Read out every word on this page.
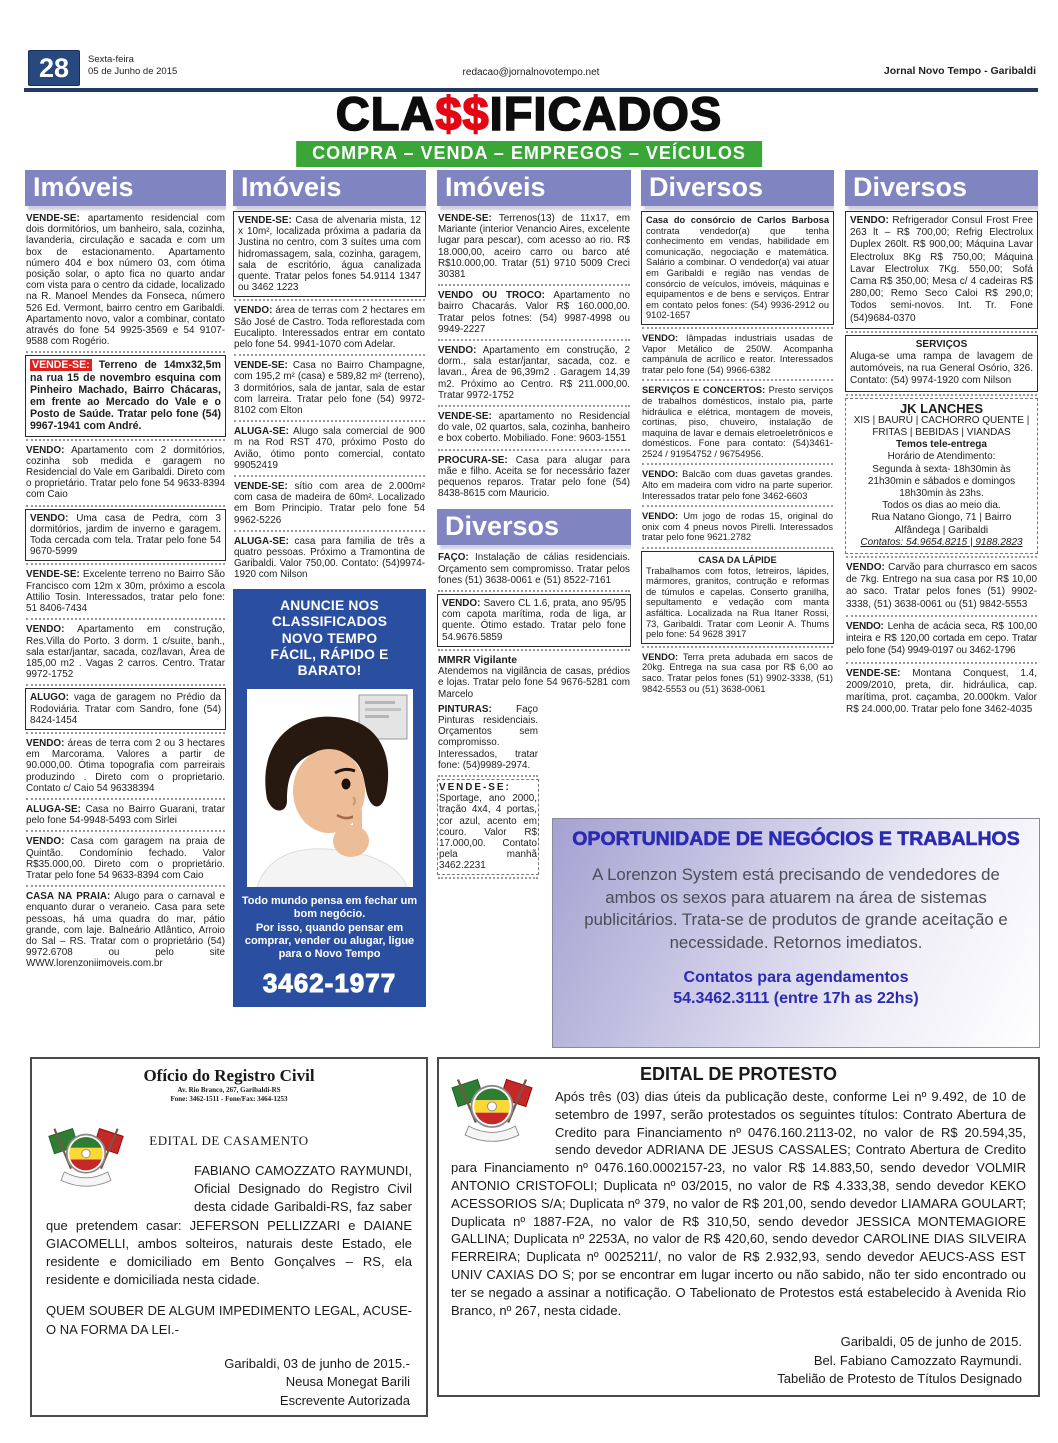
28	Sexta-feira
05 de Junho de 2015	redacao@jornalnovotempo.net	Jornal Novo Tempo - Garibaldi
CLA$$IFICADOS
COMPRA – VENDA – EMPREGOS – VEÍCULOS
Imóveis
VENDE-SE: apartamento residencial com dois dormitórios, um banheiro, sala, cozinha, lavanderia, circulação e sacada e com um box de estacionamento. Apartamento número 404 e box número 03, com ótima posição solar, o apto fica no quarto andar com vista para o centro da cidade, localizado na R. Manoel Mendes da Fonseca, número 526 Ed. Vermont, bairro centro em Garibaldi. Apartamento novo, valor a combinar, contato através do fone 54 9925-3569 e 54 9107-9588 com Rogério.
VENDE-SE: Terreno de 14mx32,5m na rua 15 de novembro esquina com Pinheiro Machado, Bairro Chácaras, em frente ao Mercado do Vale e o Posto de Saúde. Tratar pelo fone (54) 9967-1941 com André.
VENDO: Apartamento com 2 dormitórios, cozinha sob medida e garagem no Residencial do Vale em Garibaldi. Direto com o proprietário. Tratar pelo fone 54 9633-8394 com Caio
VENDO: Uma casa de Pedra, com 3 dormitórios, jardim de inverno e garagem. Toda cercada com tela. Tratar pelo fone 54 9670-5999
VENDE-SE: Excelente terreno no Bairro São Francisco com 12m x 30m, próximo a escola Attilio Tosin. Interessados, tratar pelo fone: 51 8406-7434
VENDO: Apartamento em construção, Res.Villa do Porto. 3 dorm. 1 c/suite, banh., sala estar/jantar, sacada, coz/lavan, Área de 185,00 m2 . Vagas 2 carros. Centro. Tratar 9972-1752
ALUGO: vaga de garagem no Prédio da Rodoviária. Tratar com Sandro, fone (54) 8424-1454
VENDO: áreas de terra com 2 ou 3 hectares em Marcorama. Valores a partir de 90.000,00. Ótima topografia com parreirais produzindo . Direto com o proprietario. Contato c/ Caio 54 96338394
ALUGA-SE: Casa no Bairro Guarani, tratar pelo fone 54-9948-5493 com Sirlei
VENDO: Casa com garagem na praia de Quintão. Condomínio fechado. Valor R$35.000,00. Direto com o proprietário. Tratar pelo fone 54 9633-8394 com Caio
CASA NA PRAIA: Alugo para o carnaval e enquanto durar o veraneio. Casa para sete pessoas, há uma quadra do mar, pátio grande, com laje. Balneário Atlântico, Arroio do Sal – RS. Tratar com o proprietário (54) 9972.6708 ou pelo site WWW.lorenzoniimoveis.com.br
Imóveis
VENDE-SE: Casa de alvenaria mista, 12 x 10m², localizada próxima a padaria da Justina no centro, com 3 suítes uma com hidromassagem, sala, cozinha, garagem, sala de escritório, água canalizada quente. Tratar pelos fones 54.9114 1347 ou 3462 1223
VENDO: área de terras com 2 hectares em São José de Castro. Toda reflorestada com Eucalipto. Interessados entrar em contato pelo fone 54. 9941-1070 com Adelar.
VENDE-SE: Casa no Bairro Champagne, com 195,2 m² (casa) e 589,82 m² (terreno), 3 dormitórios, sala de jantar, sala de estar com larreira. Tratar pelo fone (54) 9972-8102 com Elton
ALUGA-SE: Alugo sala comercial de 900 m na Rod RST 470, próximo Posto do Avião, ótimo ponto comercial, contato 99052419
VENDE-SE: sítio com area de 2.000m² com casa de madeira de 60m². Localizado em Bom Principio. Tratar pelo fone 54 9962-5226
ALUGA-SE: casa para familia de três a quatro pessoas. Próximo a Tramontina de Garibaldi. Valor 750,00. Contato: (54)9974-1920 com Nilson
ANUNCIE NOS
CLASSIFICADOS
NOVO TEMPO
FÁCIL, RÁPIDO E BARATO!
Todo mundo pensa em fechar um bom negócio.
Por isso, quando pensar em comprar, vender ou alugar, ligue para o Novo Tempo
3462-1977
Imóveis
VENDE-SE: Terrenos(13) de 11x17, em Mariante (interior Venancio Aires, excelente lugar para pescar), com acesso ao rio. R$ 18.000,00, aceiro carro ou barco até R$10.000,00. Tratar (51) 9710 5009 Creci 30381
VENDO OU TROCO: Apartamento no bairro Chacarás. Valor R$ 160.000,00. Tratar pelos fotnes: (54) 9987-4998 ou 9949-2227
VENDO: Apartamento em construção, 2 dorm., sala estar/jantar, sacada, coz. e lavan., Área de 96,39m2 . Garagem 14,39 m2. Próximo ao Centro. R$ 211.000,00. Tratar 9972-1752
VENDE-SE: apartamento no Residencial do vale, 02 quartos, sala, cozinha, banheiro e box coberto. Mobiliado. Fone: 9603-1551
PROCURA-SE: Casa para alugar para mãe e filho. Aceita se for necessário fazer pequenos reparos. Tratar pelo fone (54) 8438-8615 com Mauricio.
Diversos
FAÇO: Instalação de cálias residenciais. Orçamento sem compromisso. Tratar pelos fones (51) 3638-0061 e (51) 8522-7161
VENDO: Savero CL 1.6, prata, ano 95/95 com capota marítima, roda de liga, ar quente. Ótimo estado. Tratar pelo fone 54.9676.5859
MMRR Vigilante
Atendemos na vigilância de casas, prédios e lojas. Tratar pelo fone 54 9676-5281 com Marcelo
PINTURAS: Faço Pinturas residenciais. Orçamentos sem compromisso. Interessados, tratar fone: (54)9989-2974.
VENDE-SE: Sportage, ano 2000, tração 4x4, 4 portas, cor azul, acento em couro. Valor R$ 17.000,00. Contato pela manhã 3462.2231
Diversos
Casa do consórcio de Carlos Barbosa contrata vendedor(a) que tenha conhecimento em vendas, habilidade em comunicação, negociação e matemática. Salário a combinar. O vendedor(a) vai atuar em Garibaldi e região nas vendas de consórcio de veículos, imóveis, máquinas e equipamentos e de bens e serviços. Entrar em contato pelos fones: (54) 9936-2912 ou 9102-1657
VENDO: lâmpadas industriais usadas de Vapor Metálico de 250W. Acompanha campánula de acrílico e reator. Interessados tratar pelo fone (54) 9966-6382
SERVIÇOS E CONCERTOS: Presto serviços de trabalhos domésticos, instalo pia, parte hidráulica e elétrica, montagem de moveis, cortinas, piso, chuveiro, instalação de maquina de lavar e demais eletroeletrônicos e domésticos. Fone para contato: (54)3461-2524 / 91954752 / 96754956.
VENDO: Balcão com duas gavetas grandes. Alto em madeira com vidro na parte superior. Interessados tratar pelo fone 3462-6603
VENDO: Um jogo de rodas 15, original do onix com 4 pneus novos Pirelli. Interessados tratar pelo fone 9621.2782
CASA DA LÁPIDE
Trabalhamos com fotos, letreiros, lápides, mármores, granitos, contrução e reformas de túmulos e capelas. Conserto granilha, sepultamento e vedação com manta asfáltica. Localizada na Rua Itaner Rossi, 73, Garibaldi. Tratar com Leonir A. Thums pelo fone: 54 9628 3917
VENDO: Terra preta adubada em sacos de 20kg. Entrega na sua casa por R$ 6,00 ao saco. Tratar pelos fones (51) 9902-3338, (51) 9842-5553 ou (51) 3638-0061
Diversos
VENDO: Refrigerador Consul Frost Free 263 lt – R$ 700,00; Refrig Electrolux Duplex 260lt. R$ 900,00; Máquina Lavar Electrolux 8Kg R$ 750,00; Máquina Lavar Electrolux 7Kg. 550,00; Sofá Cama R$ 350,00; Mesa c/ 4 cadeiras R$ 280,00; Remo Seco Caloi R$ 290,0; Todos semi-novos. Int. Tr. Fone (54)9684-0370
SERVIÇOS
Aluga-se uma rampa de lavagem de automóveis, na rua General Osório, 326. Contato: (54) 9974-1920 com Nilson
JK LANCHES
XIS | BAURÚ | CACHORRO QUENTE | FRITAS | BEBIDAS | VIANDAS
Temos tele-entrega
Horário de Atendimento:
Segunda à sexta- 18h30min às 21h30min e sábados e domingos 18h30min às 23hs.
Todos os dias ao meio dia.
Rua Natano Giongo, 71 | Bairro Alfândega | Garibaldi
Contatos: 54.9654.8215 | 9188.2823
VENDO: Carvão para churrasco em sacos de 7kg. Entrego na sua casa por R$ 10,00 ao saco. Tratar pelos fones (51) 9902-3338, (51) 3638-0061 ou (51) 9842-5553
VENDO: Lenha de acácia seca, R$ 100,00 inteira e R$ 120,00 cortada em cepo. Tratar pelo fone (54) 9949-0197 ou 3462-1796
VENDE-SE: Montana Conquest, 1.4, 2009/2010, preta, dir. hidráulica, cap. marítima, prot. caçamba, 20.000km. Valor R$ 24.000,00. Tratar pelo fone 3462-4035
OPORTUNIDADE DE NEGÓCIOS E TRABALHOS
A Lorenzon System está precisando de vendedores de ambos os sexos para atuarem na área de sistemas publicitários. Trata-se de produtos de grande aceitação e necessidade. Retornos imediatos.
Contatos para agendamentos
54.3462.3111 (entre 17h as 22hs)
Ofício do Registro Civil
Av. Rio Branco, 267, Garibaldi-RS
Fone: 3462-1511 - Fone/Fax: 3464-1253
EDITAL DE CASAMENTO
FABIANO CAMOZZATO RAYMUNDI, Oficial Designado do Registro Civil desta cidade Garibaldi-RS, faz saber que pretendem casar: JEFERSON PELLIZZARI e DAIANE GIACOMELLI, ambos solteiros, naturais deste Estado, ele residente e domiciliado em Bento Gonçalves – RS, ela residente e domiciliada nesta cidade.
QUEM SOUBER DE ALGUM IMPEDIMENTO LEGAL, ACUSE-O NA FORMA DA LEI.-
Garibaldi, 03 de junho de 2015.-
Neusa Monegat Barili
Escrevente Autorizada
EDITAL DE PROTESTO
Após três (03) dias úteis da publicação deste, conforme Lei nº 9.492, de 10 de setembro de 1997, serão protestados os seguintes títulos: Contrato Abertura de Credito para Financiamento nº 0476.160.2113-02, no valor de R$ 20.594,35, sendo devedor ADRIANA DE JESUS CASSALES; Contrato Abertura de Credito para Financiamento nº 0476.160.0002157-23, no valor R$ 14.883,50, sendo devedor VOLMIR ANTONIO CRISTOFOLI; Duplicata nº 03/2015, no valor de R$ 4.333,38, sendo devedor KEKO ACESSORIOS S/A; Duplicata nº 379, no valor de R$ 201,00, sendo devedor LIAMARA GOULART; Duplicata nº 1887-F2A, no valor de R$ 310,50, sendo devedor JESSICA MONTEMAGIORE GALLINA; Duplicata nº 2253A, no valor de R$ 420,60, sendo devedor CAROLINE DIAS SILVEIRA FERREIRA; Duplicata nº 0025211/, no valor de R$ 2.932,93, sendo devedor AEUCS-ASS EST UNIV CAXIAS DO S; por se encontrar em lugar incerto ou não sabido, não ter sido encontrado ou ter se negado a assinar a notificação. O Tabelionato de Protestos está estabelecido à Avenida Rio Branco, nº 267, nesta cidade.
Garibaldi, 05 de junho de 2015.
Bel. Fabiano Camozzato Raymundi.
Tabelião de Protesto de Títulos Designado
